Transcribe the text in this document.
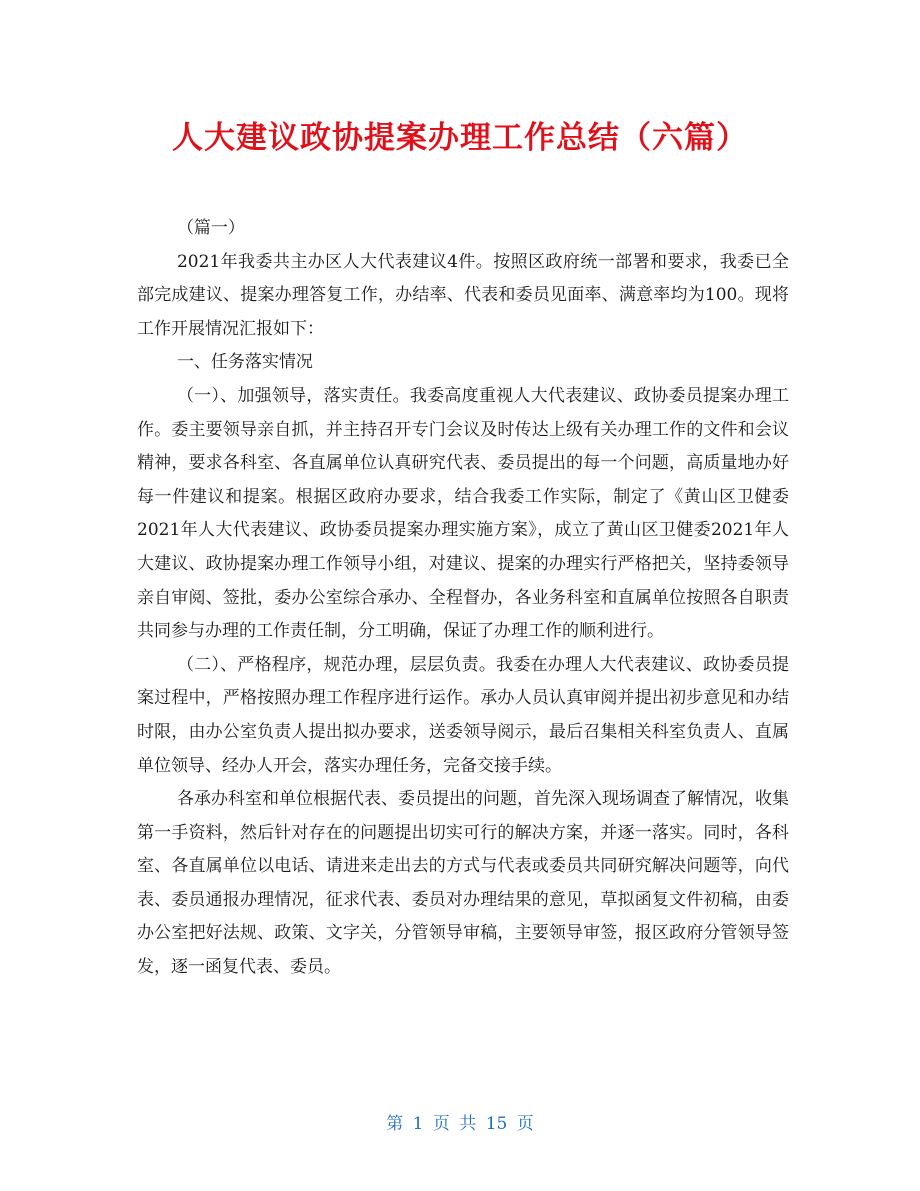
人大建议政协提案办理工作总结（六篇）

（篇一）

2021年我委共主办区人大代表建议4件。按照区政府统一部署和要求，我委已全部完成建议、提案办理答复工作，办结率、代表和委员见面率、满意率均为100。现将工作开展情况汇报如下：

一、任务落实情况

（一）、加强领导，落实责任。我委高度重视人大代表建议、政协委员提案办理工作。委主要领导亲自抓，并主持召开专门会议及时传达上级有关办理工作的文件和会议精神，要求各科室、各直属单位认真研究代表、委员提出的每一个问题，高质量地办好每一件建议和提案。根据区政府办要求，结合我委工作实际，制定了《黄山区卫健委2021年人大代表建议、政协委员提案办理实施方案》，成立了黄山区卫健委2021年人大建议、政协提案办理工作领导小组，对建议、提案的办理实行严格把关，坚持委领导亲自审阅、签批，委办公室综合承办、全程督办，各业务科室和直属单位按照各自职责共同参与办理的工作责任制，分工明确，保证了办理工作的顺利进行。

（二）、严格程序，规范办理，层层负责。我委在办理人大代表建议、政协委员提案过程中，严格按照办理工作程序进行运作。承办人员认真审阅并提出初步意见和办结时限，由办公室负责人提出拟办要求，送委领导阅示，最后召集相关科室负责人、直属单位领导、经办人开会，落实办理任务，完备交接手续。

各承办科室和单位根据代表、委员提出的问题，首先深入现场调查了解情况，收集第一手资料，然后针对存在的问题提出切实可行的解决方案，并逐一落实。同时，各科室、各直属单位以电话、请进来走出去的方式与代表或委员共同研究解决问题等，向代表、委员通报办理情况，征求代表、委员对办理结果的意见，草拟函复文件初稿，由委办公室把好法规、政策、文字关，分管领导审稿，主要领导审签，报区政府分管领导签发，逐一函复代表、委员。

第 1 页 共 15 页
